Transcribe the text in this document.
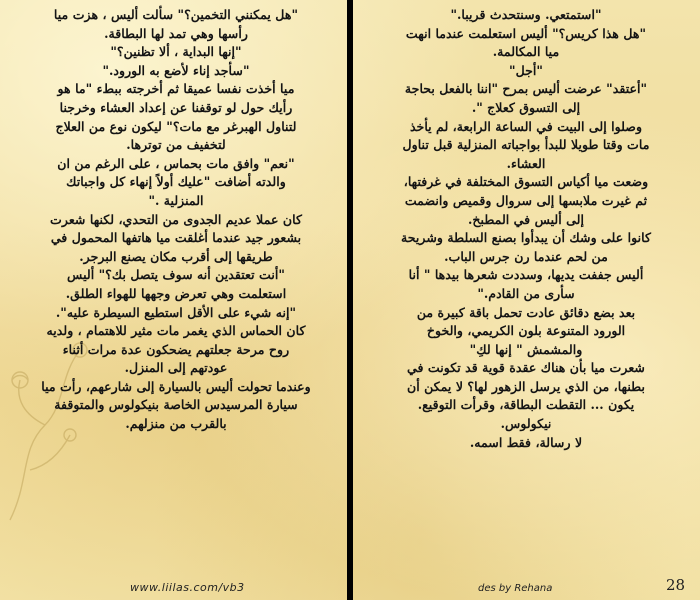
"هل يمكنني التخمين؟" سألت أليس ، هزت ميا

رأسها وهي تمد لها البطاقة.

"إنها البداية ، ألا تظنين؟"

"سأجد إناء لأضع به الورود."

ميا أخذت نفسا عميقا ثم أخرجته ببطء "ما هو

رأيك حول لو توقفنا عن إعداد العشاء وخرجنا

لتناول الهبرغر مع مات؟" ليكون نوع من العلاج

لتخفيف من توترها.

"نعم" وافق مات بحماس ، على الرغم من ان

والدته أضافت "عليك أولاً إنهاء كل واجباتك

المنزلية ."

كان عملا عديم الجدوى من التحدي، لكنها شعرت

بشعور جيد عندما أغلقت ميا هاتفها المحمول في

طريقها إلى أقرب مكان يصنع البرجر.

"أنت تعتقدين أنه سوف يتصل بك؟" أليس

استعلمت وهي تعرض وجهها للهواء الطلق.

"إنه شيء على الأقل استطيع السيطرة عليه".

كان الحماس الذي يغمر مات مثير للاهتمام ، ولديه

روح مرحة جعلتهم يضحكون عدة مرات أثناء

عودتهم إلى المنزل.

وعندما تحولت أليس بالسيارة إلى شارعهم، رأت ميا

سيارة المرسيدس الخاصة بنيكولوس والمتوقفة

بالقرب من منزلهم.

"استمتعي. وسنتحدث قريبا."

"هل هذا كريس؟" أليس استعلمت عندما انهت

ميا المكالمة.

"أجل"

"أعتقد" عرضت أليس بمرح "اننا بالفعل بحاجة

إلى التسوق كعلاج ".

وصلوا إلى البيت في الساعة الرابعة، لم يأخذ

مات وقتا طويلا للبدأ بواجباته المنزلية قبل تناول

العشاء.

وضعت ميا أكياس التسوق المختلفة في غرفتها،

ثم غيرت ملابسها إلى سروال وقميص وانضمت

إلى أليس في المطبخ.

كانوا على وشك أن يبدأوا بصنع السلطة وشريحة

من لحم عندما رن جرس الباب.

أليس جففت يديها، وسددت شعرها بيدها " أنا

سأرى من القادم."

بعد بضع دقائق عادت تحمل باقة كبيرة من

الورود المتنوعة بلون الكريمي، والخوخ

والمشمش " إنها لكِ"

شعرت ميا بأن هناك عقدة قوية قد تكونت في

بطنها، من الذي يرسل الزهور لها؟ لا يمكن أن

يكون ... التقطت البطاقة، وقرأت التوقيع.

نيكولوس.

لا رسالة، فقط اسمه.

www.liilas.com/vb3	des by Rehana	28
